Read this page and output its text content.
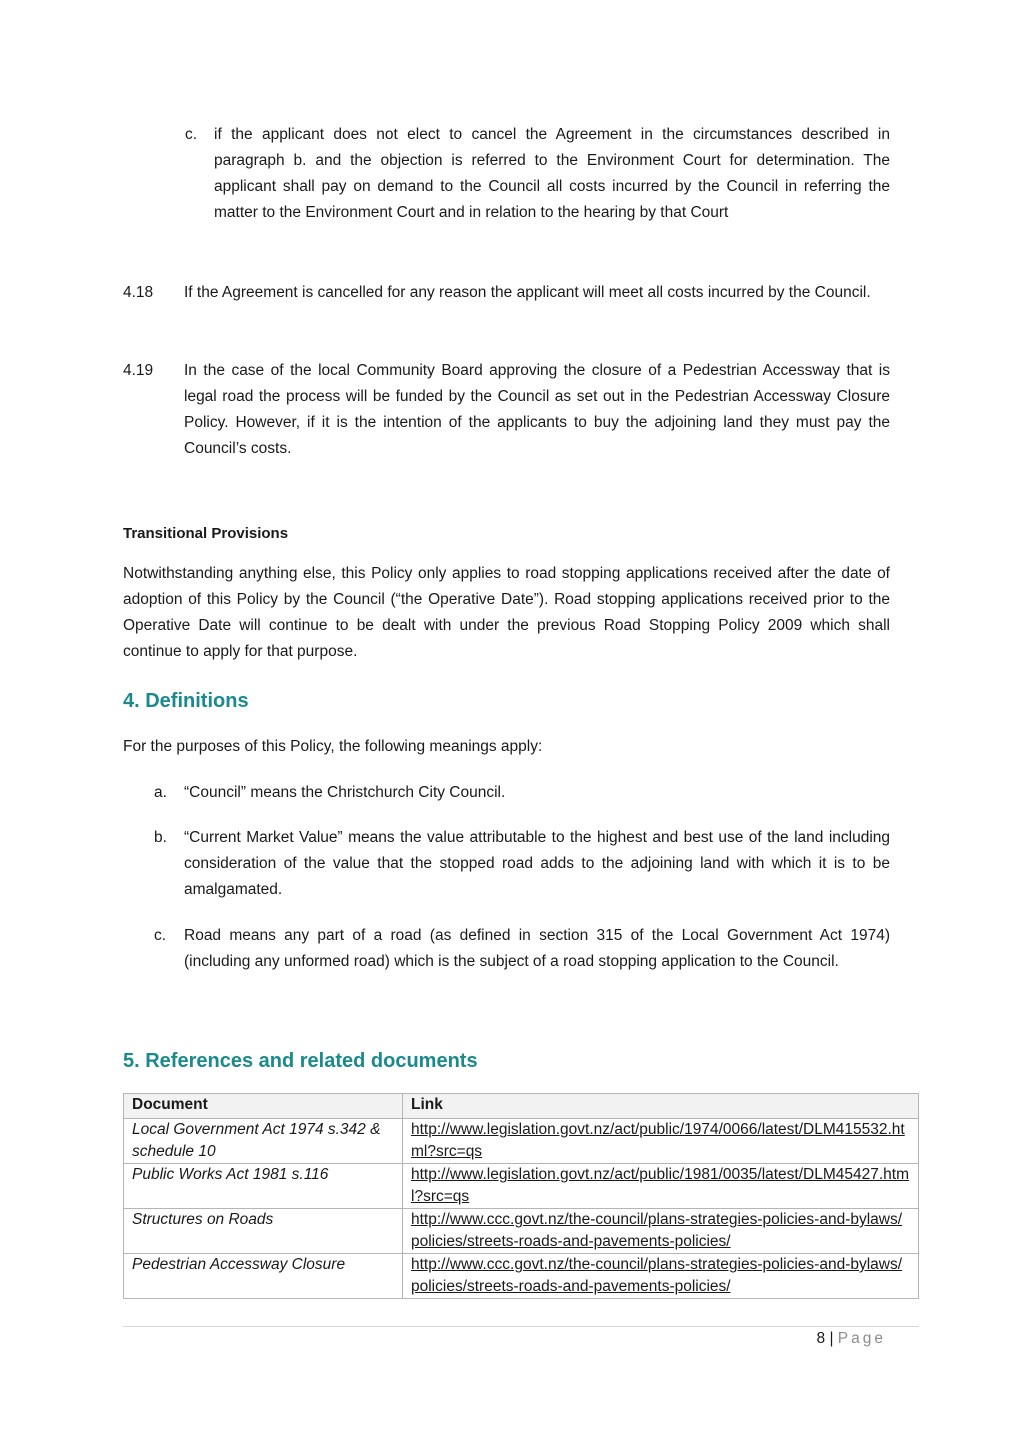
c. if the applicant does not elect to cancel the Agreement in the circumstances described in paragraph b. and the objection is referred to the Environment Court for determination. The applicant shall pay on demand to the Council all costs incurred by the Council in referring the matter to the Environment Court and in relation to the hearing by that Court
4.18 If the Agreement is cancelled for any reason the applicant will meet all costs incurred by the Council.
4.19 In the case of the local Community Board approving the closure of a Pedestrian Accessway that is legal road the process will be funded by the Council as set out in the Pedestrian Accessway Closure Policy. However, if it is the intention of the applicants to buy the adjoining land they must pay the Council’s costs.
Transitional Provisions
Notwithstanding anything else, this Policy only applies to road stopping applications received after the date of adoption of this Policy by the Council (“the Operative Date”). Road stopping applications received prior to the Operative Date will continue to be dealt with under the previous Road Stopping Policy 2009 which shall continue to apply for that purpose.
4. Definitions
For the purposes of this Policy, the following meanings apply:
a. “Council” means the Christchurch City Council.
b. “Current Market Value” means the value attributable to the highest and best use of the land including consideration of the value that the stopped road adds to the adjoining land with which it is to be amalgamated.
c. Road means any part of a road (as defined in section 315 of the Local Government Act 1974) (including any unformed road) which is the subject of a road stopping application to the Council.
5. References and related documents
Document	Link
Local Government Act 1974 s.342 & schedule 10	http://www.legislation.govt.nz/act/public/1974/0066/latest/DLM415532.html?src=qs
Public Works Act 1981 s.116	http://www.legislation.govt.nz/act/public/1981/0035/latest/DLM45427.html?src=qs
Structures on Roads	http://www.ccc.govt.nz/the-council/plans-strategies-policies-and-bylaws/policies/streets-roads-and-pavements-policies/
Pedestrian Accessway Closure	http://www.ccc.govt.nz/the-council/plans-strategies-policies-and-bylaws/policies/streets-roads-and-pavements-policies/
8 | Page
